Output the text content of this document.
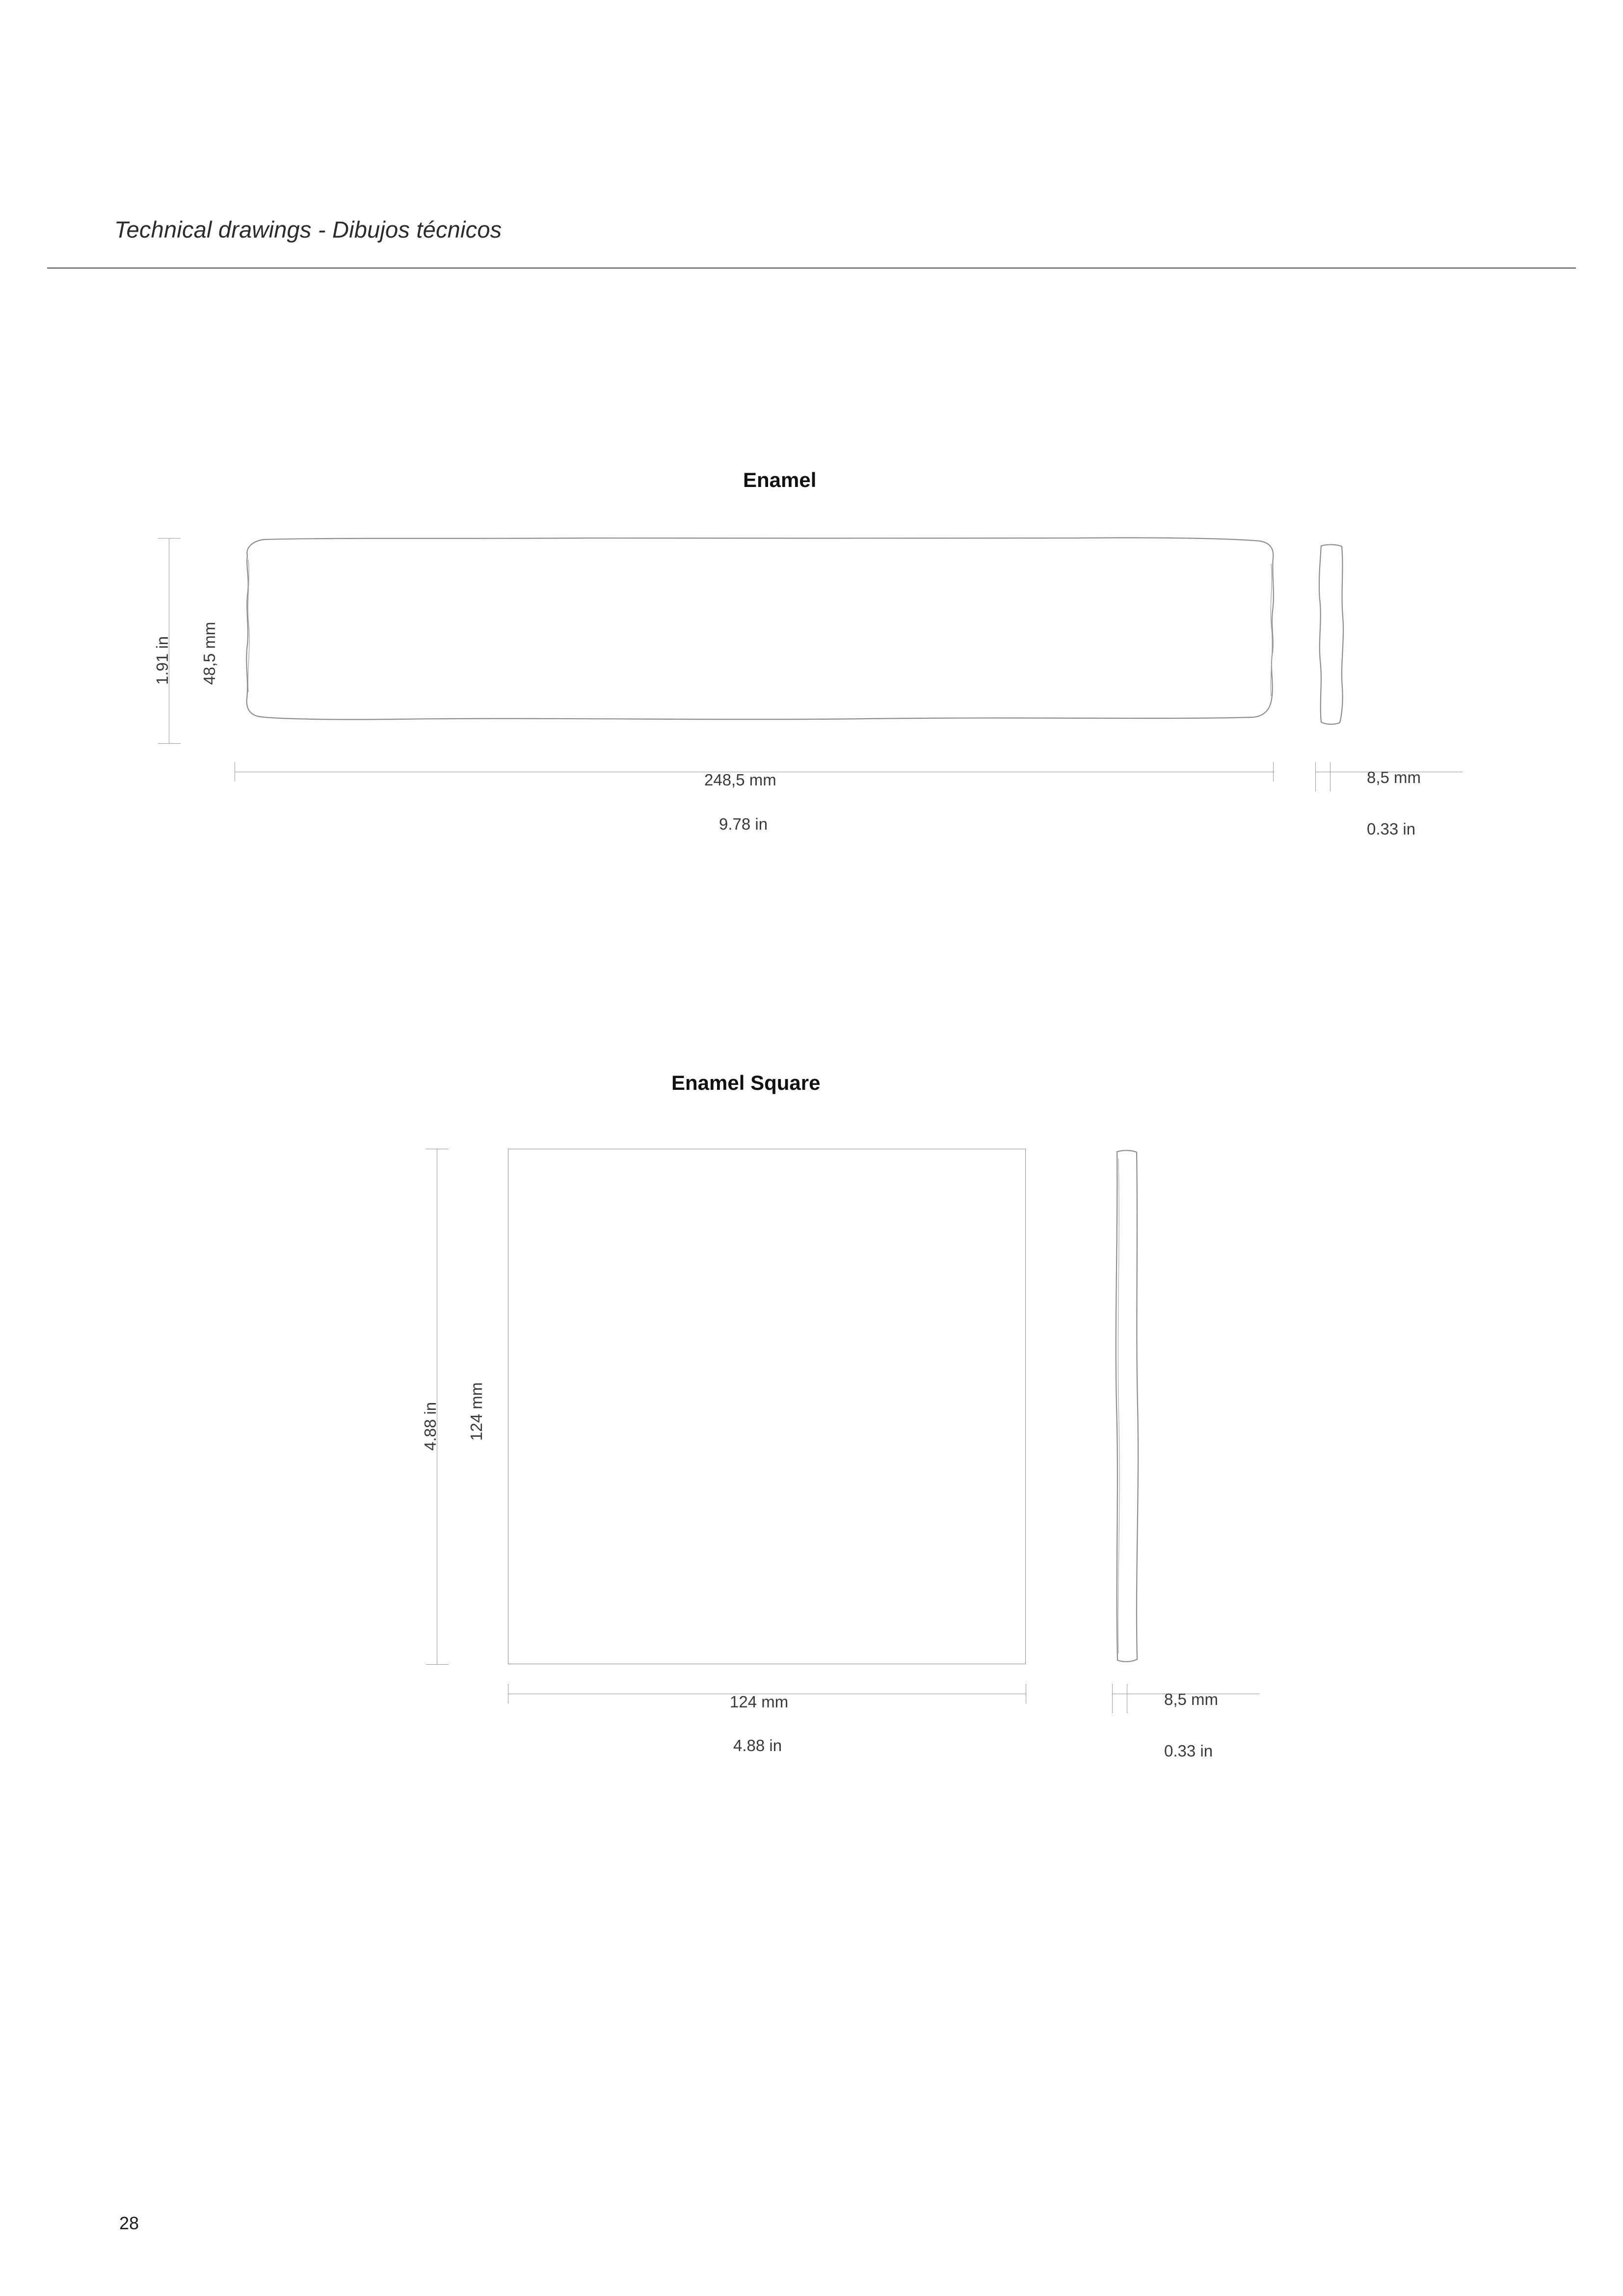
Technical drawings - Dibujos técnicos
Enamel
48,5 mm
1.91 in
248,5 mm
9.78 in
8,5 mm
0.33 in
Enamel Square
124 mm
4.88 in
124 mm
4.88 in
8,5 mm
0.33 in
28
